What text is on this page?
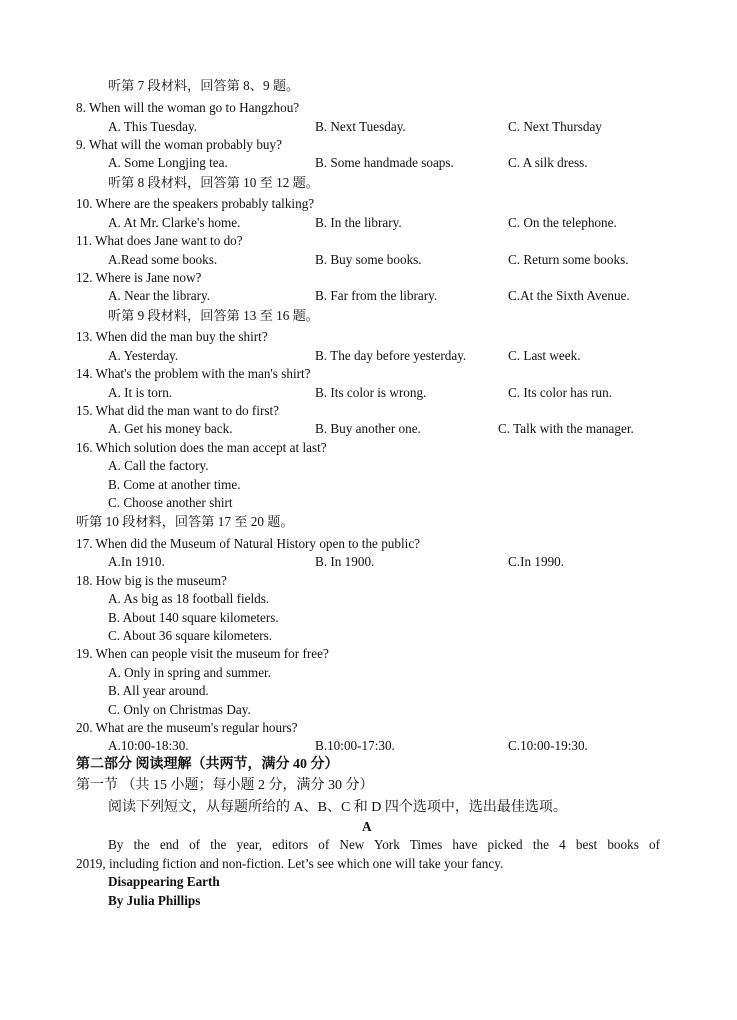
听第 7 段材料，回答第 8、9 题。
8. When will the woman go to Hangzhou?
A. This Tuesday.	B. Next Tuesday.	C. Next Thursday
9. What will the woman probably buy?
A. Some Longjing tea.	B. Some handmade soaps.	C. A silk dress.
听第 8 段材料，回答第 10 至 12 题。
10. Where are the speakers probably talking?
A. At Mr. Clarke's home.	B. In the library.	C. On the telephone.
11. What does Jane want to do?
A.Read some books.	B. Buy some books.	C. Return some books.
12. Where is Jane now?
A. Near the library.	B. Far from the library.	C.At the Sixth Avenue.
听第 9 段材料，回答第 13 至 16 题。
13. When did the man buy the shirt?
A. Yesterday.	B. The day before yesterday.	C. Last week.
14. What's the problem with the man's shirt?
A. It is torn.	B. Its color is wrong.	C. Its color has run.
15. What did the man want to do first?
A. Get his money back.	B. Buy another one.	C. Talk with the manager.
16. Which solution does the man accept at last?
A. Call the factory.
B. Come at another time.
C. Choose another shirt
听第 10 段材料，回答第 17 至 20 题。
17. When did the Museum of Natural History open to the public?
A.In 1910.	B. In 1900.	C.In 1990.
18. How big is the museum?
A. As big as 18 football fields.
B. About 140 square kilometers.
C. About 36 square kilometers.
19. When can people visit the museum for free?
A. Only in spring and summer.
B. All year around.
C. Only on Christmas Day.
20. What are the museum's regular hours?
A.10:00-18:30.	B.10:00-17:30.	C.10:00-19:30.
第二部分 阅读理解（共两节，满分 40 分）
第一节 （共 15 小题；每小题 2 分，满分 30 分）
阅读下列短文，从每题所给的 A、B、C 和 D 四个选项中，选出最佳选项。
A
By the end of the year, editors of New York Times have picked the 4 best books of
2019, including fiction and non-fiction. Let’s see which one will take your fancy.
Disappearing Earth
By Julia Phillips
